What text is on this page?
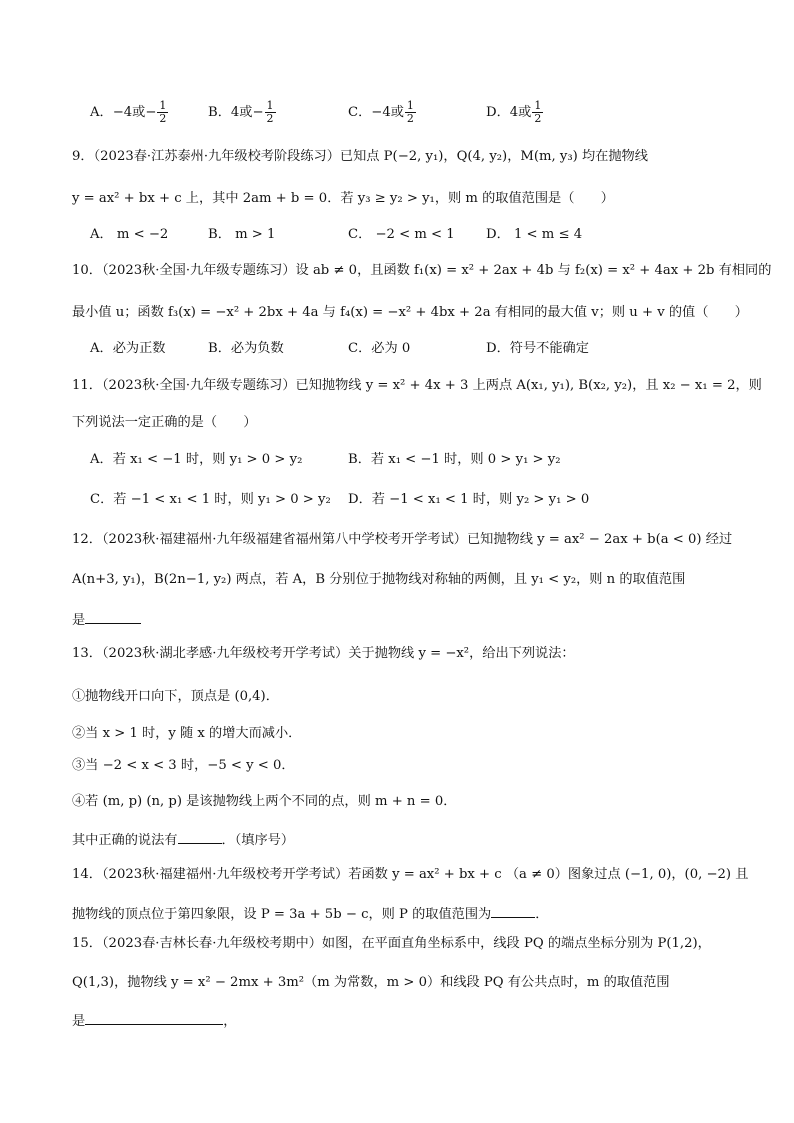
A．−4或− $\frac{1}{2}$	B．4或− $\frac{1}{2}$	C．−4或 $\frac{1}{2}$	D．4或 $\frac{1}{2}$
9．（2023春·江苏泰州·九年级校考阶段练习）已知点 P(−2, y₁)，Q(4, y₂)，M(m, y₃) 均在抛物线
y = ax² + bx + c 上，其中 2am + b = 0．若 y₃ ≥ y₂ > y₁，则 m 的取值范围是（　　）
A． m < −2	B． m > 1	C． −2 < m < 1 D． 1 < m ≤ 4
10．（2023秋·全国·九年级专题练习）设 ab ≠ 0，且函数 f₁(x) = x² + 2ax + 4b 与 f₂(x) = x² + 4ax + 2b 有相同的
最小值 u；函数 f₃(x) = −x² + 2bx + 4a 与 f₄(x) = −x² + 4bx + 2a 有相同的最大值 v；则 u + v 的值（　　）
A．必为正数	B．必为负数	C．必为 0	D．符号不能确定
11．（2023秋·全国·九年级专题练习）已知抛物线 y = x² + 4x + 3 上两点 A(x₁, y₁), B(x₂, y₂)，且 x₂ − x₁ = 2，则
下列说法一定正确的是（　　）
A．若 x₁ < −1 时，则 y₁ > 0 > y₂	B．若 x₁ < −1 时，则 0 > y₁ > y₂
C．若 −1 < x₁ < 1 时，则 y₁ > 0 > y₂ D．若 −1 < x₁ < 1 时，则 y₂ > y₁ > 0
12．（2023秋·福建福州·九年级福建省福州第八中学校考开学考试）已知抛物线 y = ax² − 2ax + b(a < 0) 经过
A(n+3, y₁)，B(2n−1, y₂) 两点，若 A，B 分别位于抛物线对称轴的两侧，且 y₁ < y₂，则 n 的取值范围
是
13．（2023秋·湖北孝感·九年级校考开学考试）关于抛物线 y = −x²，给出下列说法：
①抛物线开口向下，顶点是 (0,4)．
②当 x > 1 时，y 随 x 的增大而减小．
③当 −2 < x < 3 时，−5 < y < 0．
④若 (m, p) (n, p) 是该抛物线上两个不同的点，则 m + n = 0．
其中正确的说法有	．（填序号）
14．（2023秋·福建福州·九年级校考开学考试）若函数 y = ax² + bx + c （a ≠ 0）图象过点 (−1, 0)，(0, −2) 且
抛物线的顶点位于第四象限，设 P = 3a + 5b − c，则 P 的取值范围为	．
15．（2023春·吉林长春·九年级校考期中）如图，在平面直角坐标系中，线段 PQ 的端点坐标分别为 P(1,2)，
Q(1,3)，抛物线 y = x² − 2mx + 3m²（m 为常数，m > 0）和线段 PQ 有公共点时，m 的取值范围
是	，
